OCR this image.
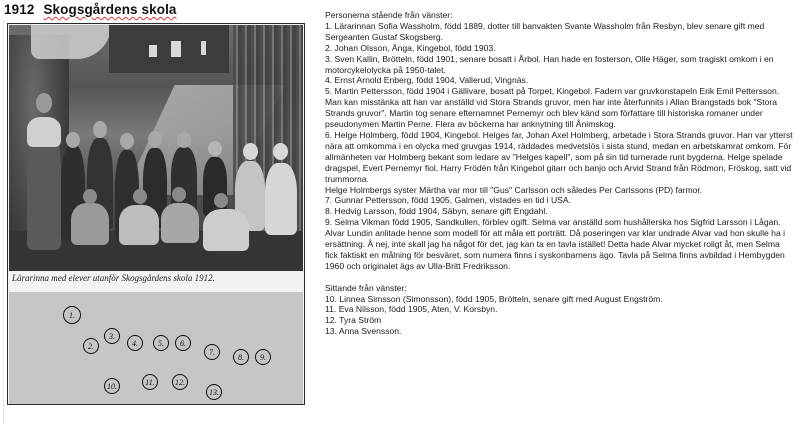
1912 Skogsgårdens skola
Lärarinna med elever utanför Skogsgårdens skola 1912.
1.
2.
3.
4.	5.	6.
7.
8.	9.
10.	11.	12.
13.

Personerna stående från vänster:

1. Lärarinnan Sofia Wassholm, född 1889, dotter till banvakten Svante Wassholm från Resbyn, blev senare gift med Sergeanten Gustaf Skogsberg.

2. Johan Olsson, Änga, Kingebol, född 1903.

3. Sven Kallin, Brötteln, född 1901, senare bosatt i Årbol. Han hade en fosterson, Olle Häger, som tragiskt omkom i en motorcykelolycka på 1950-talet.

4. Ernst Arnold Enberg, född 1904, Vallerud, Vingnäs.

5. Martin Pettersson, född 1904 i Gällivare, bosatt på Torpet, Kingebol. Fadern var gruvkonstapeln Erik Emil Pettersson. Man kan misstänka att han var anställd vid Stora Strands gruvor, men har inte återfunnits i Allan Brangstads bok "Stora Strands gruvor". Martin tog senare efternamnet Pernemyr och blev känd som författare till historiska romaner under pseudonymen Martin Perne. Flera av böckerna har anknytning till Ånimskog.

6. Helge Holmberg, född 1904, Kingebol. Helges far, Johan Axel Holmberg, arbetade i Stora Strands gruvor. Han var ytterst nära att omkomma i en olycka med gruvgas 1914, räddades medvetslös i sista stund, medan en arbetskamrat omkom. För allmänheten var Holmberg bekant som ledare av "Helges kapell", som på sin tid turnerade runt bygderna. Helge spelade dragspel, Evert Pernemyr fiol, Harry Frödén från Kingebol gitarr och banjo och Arvid Strand från Rödmon, Fröskog, satt vid trummorna.

Helge Holmbergs syster Märtha var mor till "Gus" Carlsson och således Per Carlssons (PD) farmor.

7. Gunnar Pettersson, född 1905, Galmen, vistades en tid i USA.

8. Hedvig Larsson, född 1904, Säbyn, senare gift Engdahl.

9. Selma Vikman född 1905, Sandkullen, förblev ogift. Selma var anställd som hushållerska hos Sigfrid Larsson i Lågan. Alvar Lundin anlitade henne som modell för att måla ett porträtt. Då poseringen var klar undrade Alvar vad hon skulle ha i ersättning. Å nej, inte skall jag ha något för det, jag kan ta en tavla istället! Detta hade Alvar mycket roligt åt, men Selma fick faktiskt en målning för besväret, som numera finns i syskonbarnens ägo. Tavla på Selma finns avbildad i Hembygden 1960 och originalet ägs av Ulla-Britt Fredriksson.

Sittande från vänster:

10. Linnea Simsson (Simonsson), född 1905, Brötteln, senare gift med August Engström.

11. Eva Nilsson, född 1905, Aten, V. Korsbyn.

12. Tyra Ström

13. Anna Svensson.
